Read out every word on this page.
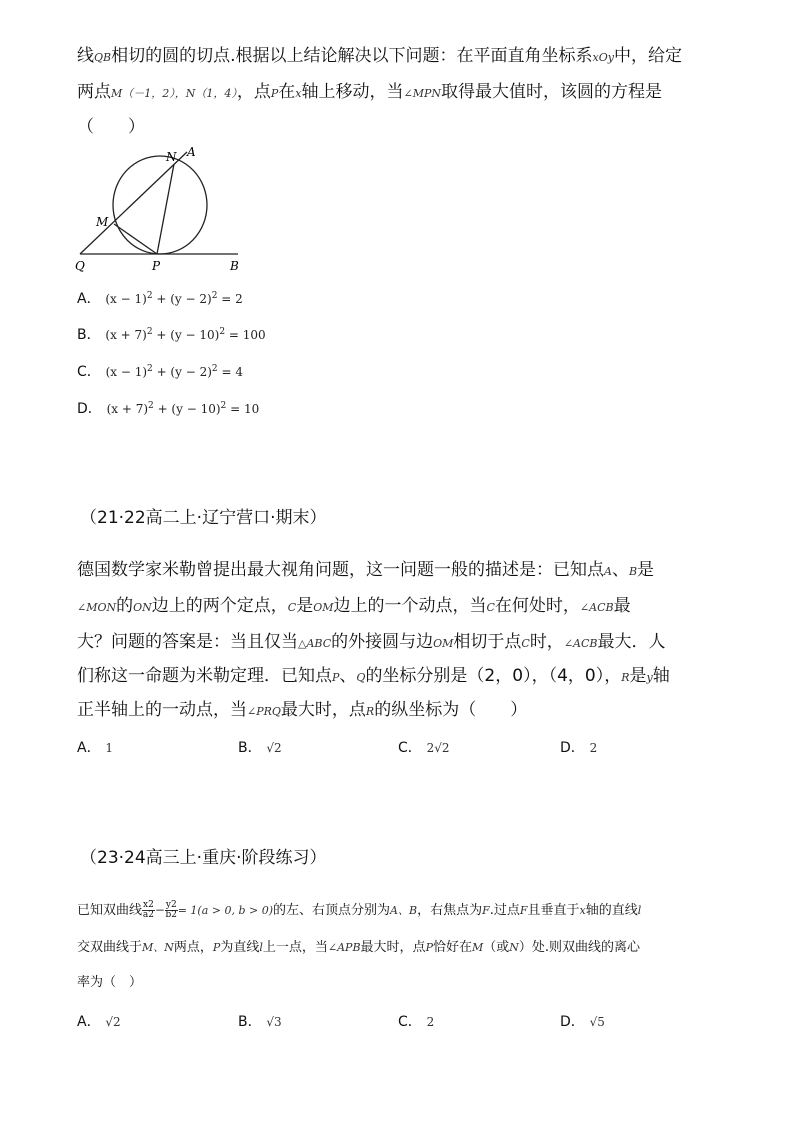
线QB相切的圆的切点.根据以上结论解决以下问题：在平面直角坐标系xOy中，给定
两点M（－1，2），N（1，4），点P在x轴上移动，当∠MPN取得最大值时，该圆的方程是
（　　）
N A
M
Q	P	B
A． $(x - 1)^2 + (y - 2)^2 = 2$
B． $(x + 7)^2 + (y - 10)^2 = 100$
C． $(x - 1)^2 + (y - 2)^2 = 4$
D． $(x + 7)^2 + (y - 10)^2 = 10$
（21·22高二上·辽宁营口·期末）
德国数学家米勒曾提出最大视角问题，这一问题一般的描述是：已知点A、B是
∠MON的ON边上的两个定点，C是OM边上的一个动点，当C在何处时，∠ACB最
大？问题的答案是：当且仅当△ABC的外接圆与边OM相切于点C时，∠ACB最大．人
们称这一命题为米勒定理．已知点P、Q的坐标分别是（2，0），（4，0），R是y轴
正半轴上的一动点，当∠PRQ最大时，点R的纵坐标为（　　）
A． 1	B． √2	C． 2√2	D． 2
（23·24高三上·重庆·阶段练习）
已知双曲线 $\frac{x2}{a2} - \frac{y2}{b2} = 1(a > 0$, b > 0)的左、右顶点分别为A、B，右焦点为F.过点F且垂直于x轴的直线l
交双曲线于M、N两点，P为直线l上一点，当∠APB最大时，点P恰好在M（或N）处.则双曲线的离心
率为（　）
A． √2	B． √3	C． 2	D． √5
